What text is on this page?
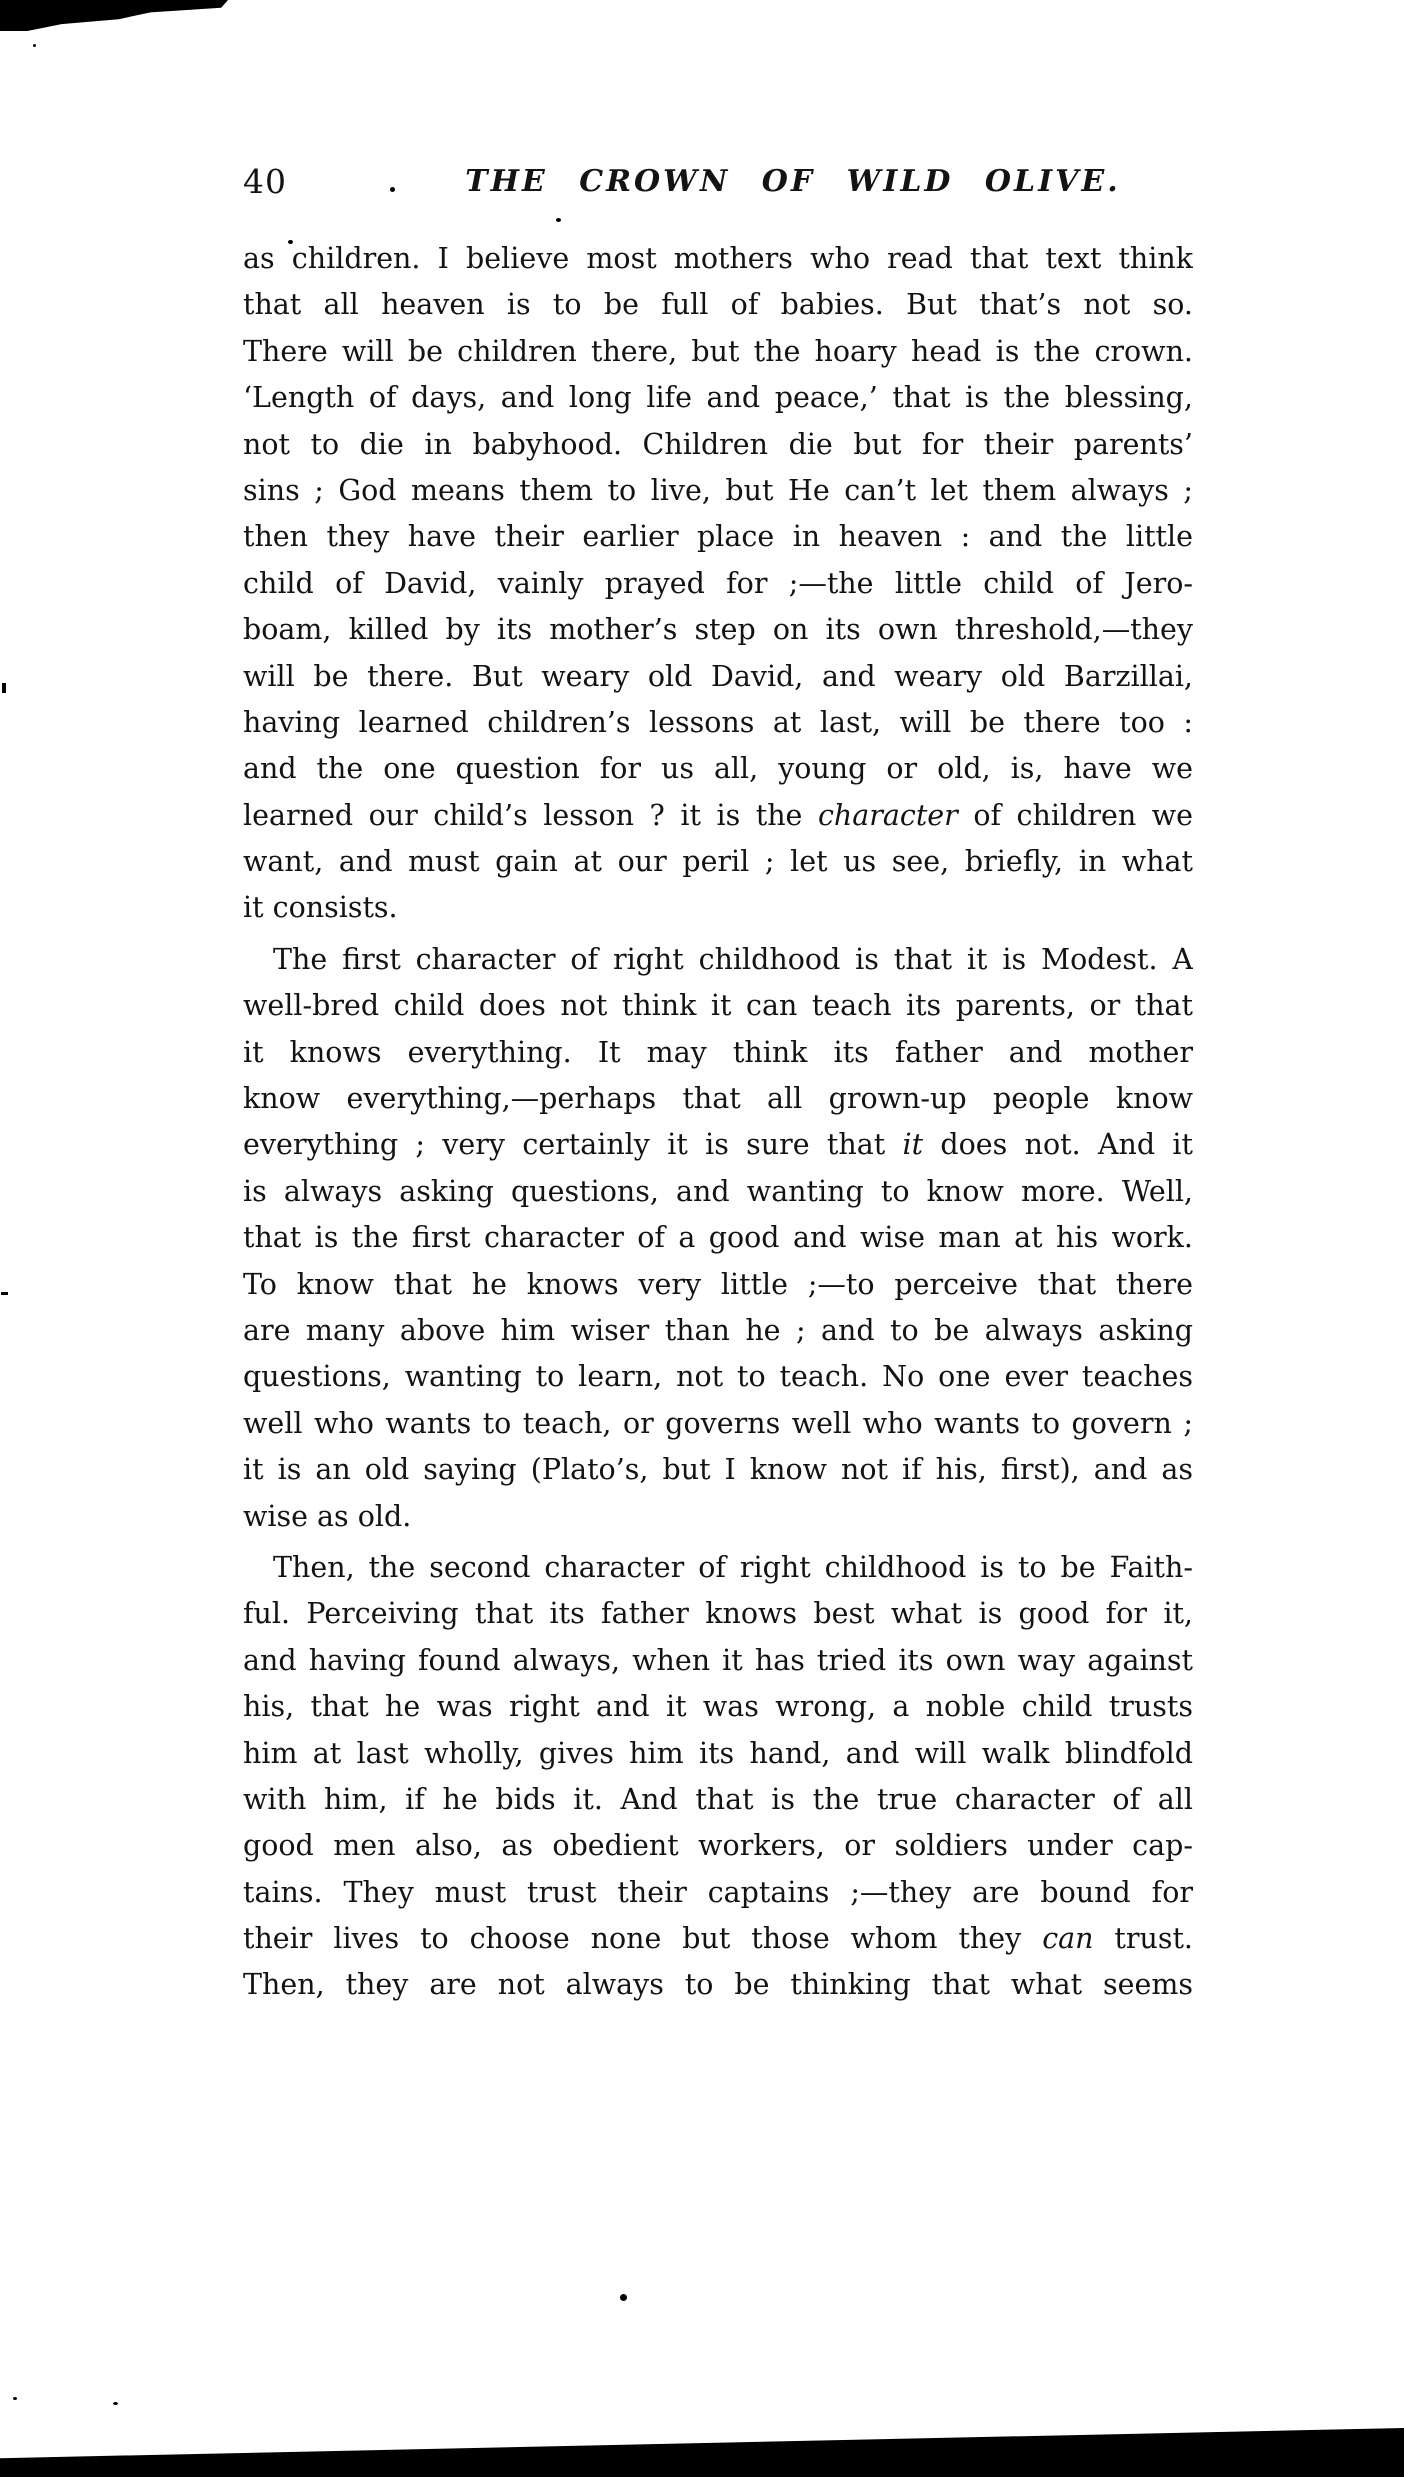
40	THE CROWN OF WILD OLIVE.
as children. I believe most mothers who read that text think
that all heaven is to be full of babies. But that’s not so.
There will be children there, but the hoary head is the crown.
‘Length of days, and long life and peace,’ that is the blessing,
not to die in babyhood. Children die but for their parents’
sins ; God means them to live, but He can’t let them always ;
then they have their earlier place in heaven : and the little
child of David, vainly prayed for ;—the little child of Jero-
boam, killed by its mother’s step on its own threshold,—they
will be there. But weary old David, and weary old Barzillai,
having learned children’s lessons at last, will be there too :
and the one question for us all, young or old, is, have we
learned our child’s lesson ? it is the character of children we
want, and must gain at our peril ; let us see, briefly, in what
it consists.
The first character of right childhood is that it is Modest. A
well-bred child does not think it can teach its parents, or that
it knows everything. It may think its father and mother
know everything,—perhaps that all grown-up people know
everything ; very certainly it is sure that it does not. And it
is always asking questions, and wanting to know more. Well,
that is the first character of a good and wise man at his work.
To know that he knows very little ;—to perceive that there
are many above him wiser than he ; and to be always asking
questions, wanting to learn, not to teach. No one ever teaches
well who wants to teach, or governs well who wants to govern ;
it is an old saying (Plato’s, but I know not if his, first), and as
wise as old.
Then, the second character of right childhood is to be Faith-
ful. Perceiving that its father knows best what is good for it,
and having found always, when it has tried its own way against
his, that he was right and it was wrong, a noble child trusts
him at last wholly, gives him its hand, and will walk blindfold
with him, if he bids it. And that is the true character of all
good men also, as obedient workers, or soldiers under cap-
tains. They must trust their captains ;—they are bound for
their lives to choose none but those whom they can trust.
Then, they are not always to be thinking that what seems
